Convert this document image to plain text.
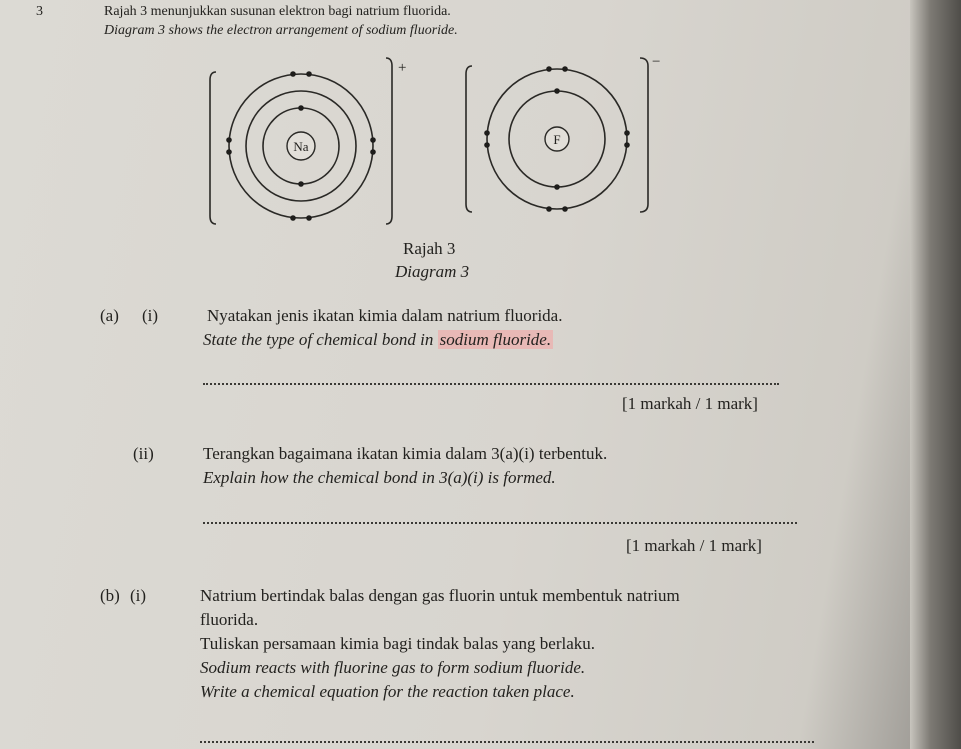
3	Rajah 3 menunjukkan susunan elektron bagi natrium fluorida.
Diagram 3 shows the electron arrangement of sodium fluoride.
Na	F
+	−
Rajah 3
Diagram 3
(a) (i)	Nyatakan jenis ikatan kimia dalam natrium fluorida.
State the type of chemical bond in sodium fluoride.
[1 markah / 1 mark]
(ii)	Terangkan bagaimana ikatan kimia dalam 3(a)(i) terbentuk.
Explain how the chemical bond in 3(a)(i) is formed.
[1 markah / 1 mark]
(b) (i)	Natrium bertindak balas dengan gas fluorin untuk membentuk natrium
fluorida.
Tuliskan persamaan kimia bagi tindak balas yang berlaku.
Sodium reacts with fluorine gas to form sodium fluoride.
Write a chemical equation for the reaction taken place.
